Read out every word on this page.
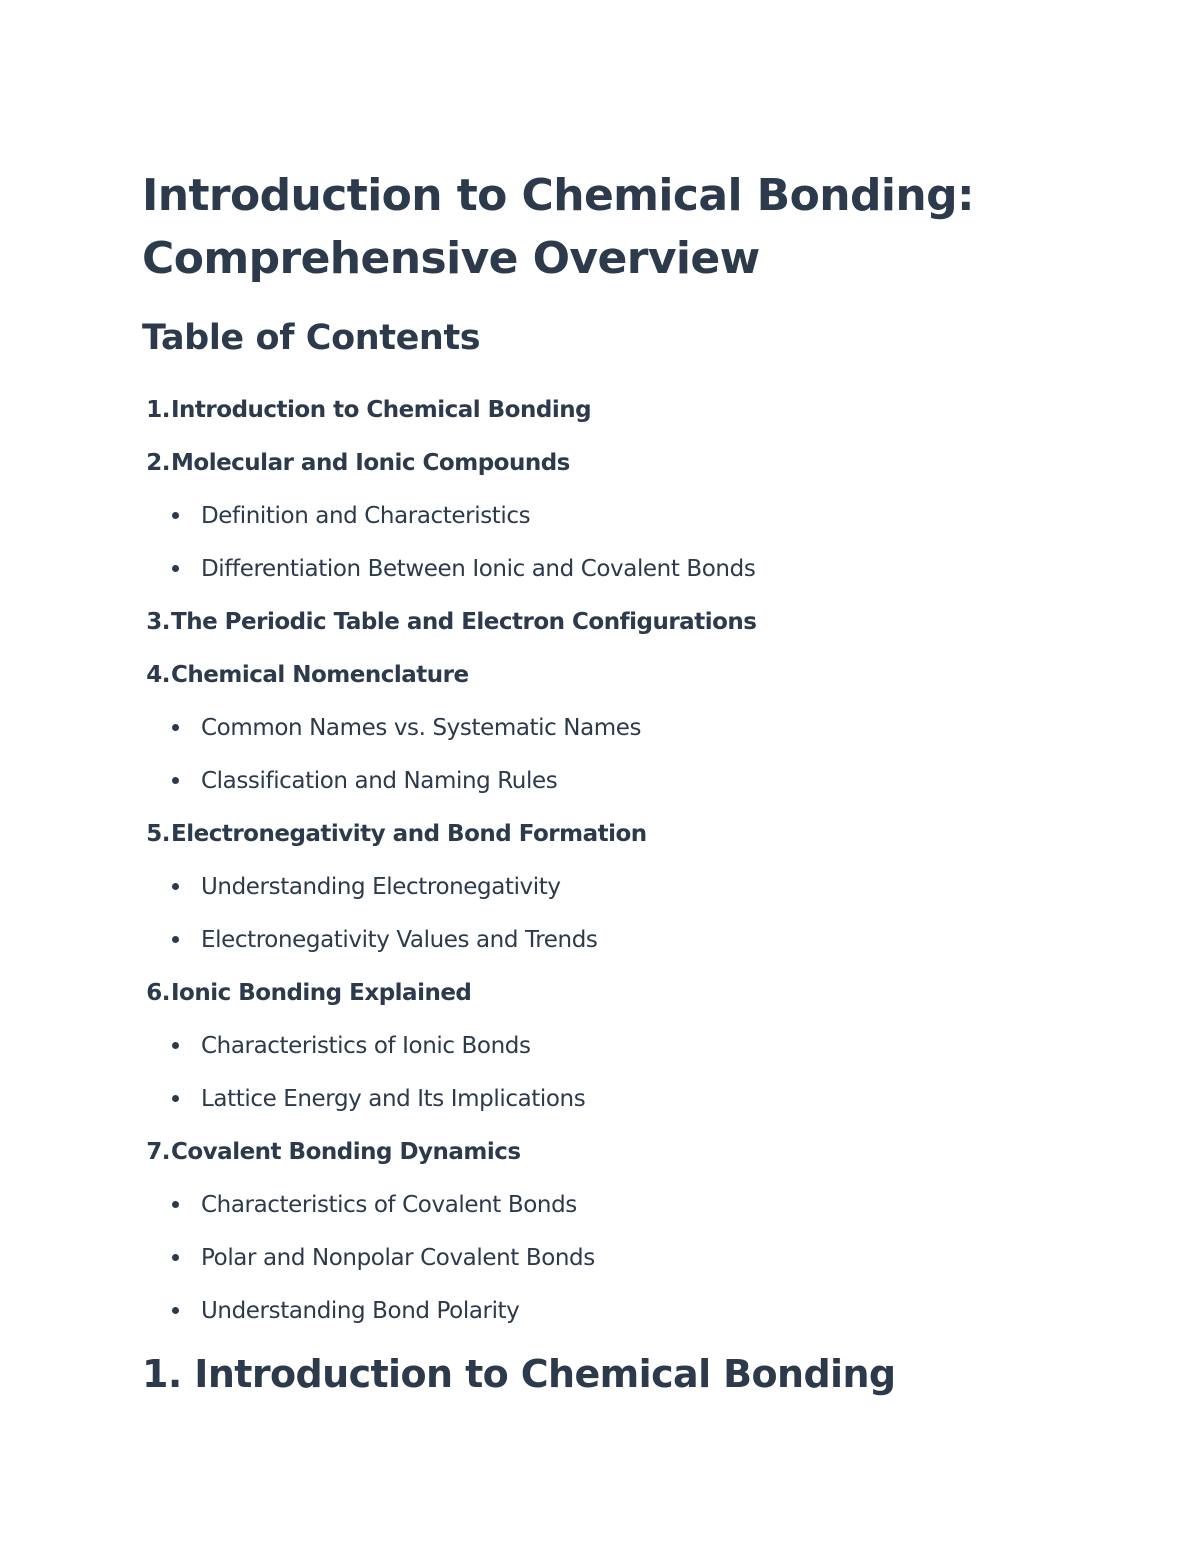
Introduction to Chemical Bonding: Comprehensive Overview
Table of Contents
1. Introduction to Chemical Bonding
2. Molecular and Ionic Compounds
Definition and Characteristics
Differentiation Between Ionic and Covalent Bonds
3. The Periodic Table and Electron Configurations
4. Chemical Nomenclature
Common Names vs. Systematic Names
Classification and Naming Rules
5. Electronegativity and Bond Formation
Understanding Electronegativity
Electronegativity Values and Trends
6. Ionic Bonding Explained
Characteristics of Ionic Bonds
Lattice Energy and Its Implications
7. Covalent Bonding Dynamics
Characteristics of Covalent Bonds
Polar and Nonpolar Covalent Bonds
Understanding Bond Polarity
1. Introduction to Chemical Bonding
